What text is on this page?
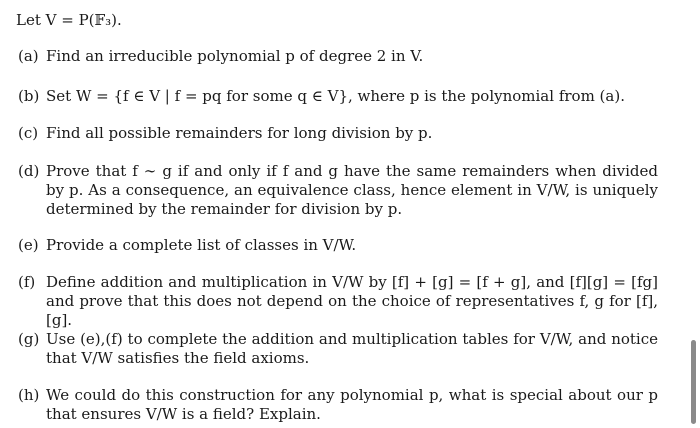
Let V = P(𝔽₃).
(a) Find an irreducible polynomial p of degree 2 in V.
(b) Set W = {f ∈ V | f = pq for some q ∈ V}, where p is the polynomial from (a).
(c) Find all possible remainders for long division by p.
(d) Prove that f ∼ g if and only if f and g have the same remainders when divided by p. As a consequence, an equivalence class, hence element in V/W, is uniquely determined by the remainder for division by p.
(e) Provide a complete list of classes in V/W.
(f) Define addition and multiplication in V/W by [f] + [g] = [f + g], and [f][g] = [fg] and prove that this does not depend on the choice of representatives f, g for [f], [g].
(g) Use (e),(f) to complete the addition and multiplication tables for V/W, and notice that V/W satisfies the field axioms.
(h) We could do this construction for any polynomial p, what is special about our p that ensures V/W is a field? Explain.
